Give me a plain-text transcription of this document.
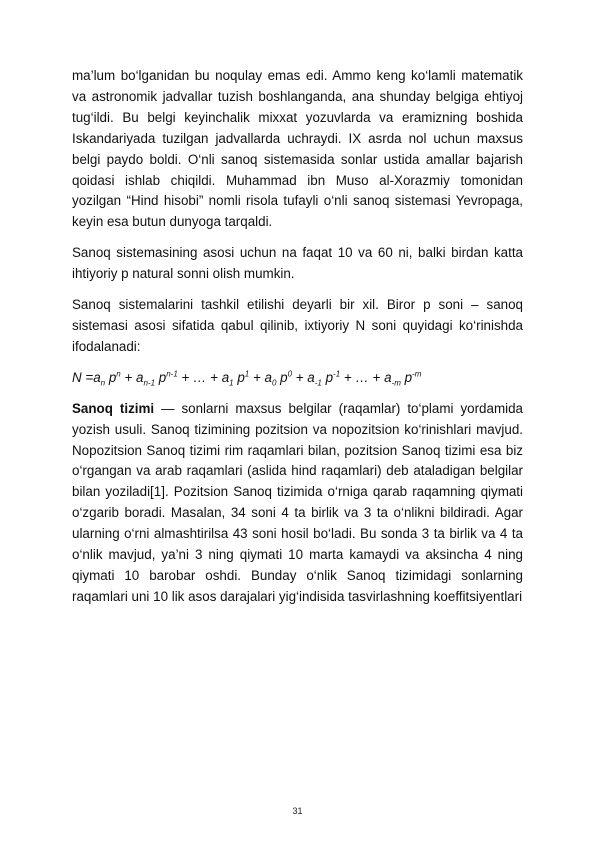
ma’lum bo‘lganidan bu noqulay emas edi. Ammo keng ko‘lamli matematik va astronomik jadvallar tuzish boshlanganda, ana shunday belgiga ehtiyoj tug‘ildi. Bu belgi keyinchalik mixxat yozuvlarda va eramizning boshida Iskandariyada tuzilgan jadvallarda uchraydi. IX asrda nol uchun maxsus belgi paydo boldi. O‘nli sanoq sistemasida sonlar ustida amallar bajarish qoidasi ishlab chiqildi. Muhammad ibn Muso al-Xorazmiy tomonidan yozilgan “Hind hisobi” nomli risola tufayli o‘nli sanoq sistemasi Yevropaga, keyin esa butun dunyoga tarqaldi.

Sanoq sistemasining asosi uchun na faqat 10 va 60 ni, balki birdan katta ihtiyoriy p natural sonni olish mumkin.

Sanoq sistemalarini tashkil etilishi deyarli bir xil. Biror p soni – sanoq sistemasi asosi sifatida qabul qilinib, ixtiyoriy N soni quyidagi ko‘rinishda ifodalanadi:

$N =a_n$ $p^n + a_{n-1}$ $p^{n-1}$ + … + $a_1$ $p^1 + a_0$ $p^0 + a_{-1}$ $p^{-1}$ + … + $a_{-m}$ $p^{-m}$

Sanoq tizimi — sonlarni maxsus belgilar (raqamlar) to‘plami yordamida yozish usuli. Sanoq tizimining pozitsion va nopozitsion ko‘rinishlari mavjud. Nopozitsion Sanoq tizimi rim raqamlari bilan, pozitsion Sanoq tizimi esa biz o‘rgangan va arab raqamlari (aslida hind raqamlari) deb ataladigan belgilar bilan yoziladi[1]. Pozitsion Sanoq tizimida o‘rniga qarab raqamning qiymati o‘zgarib boradi. Masalan, 34 soni 4 ta birlik va 3 ta o‘nlikni bildiradi. Agar ularning o‘rni almashtirilsa 43 soni hosil bo‘ladi. Bu sonda 3 ta birlik va 4 ta o‘nlik mavjud, ya’ni 3 ning qiymati 10 marta kamaydi va aksincha 4 ning qiymati 10 barobar oshdi. Bunday o‘nlik Sanoq tizimidagi sonlarning raqamlari uni 10 lik asos darajalari yig‘indisida tasvirlashning koeffitsiyentlari

31
